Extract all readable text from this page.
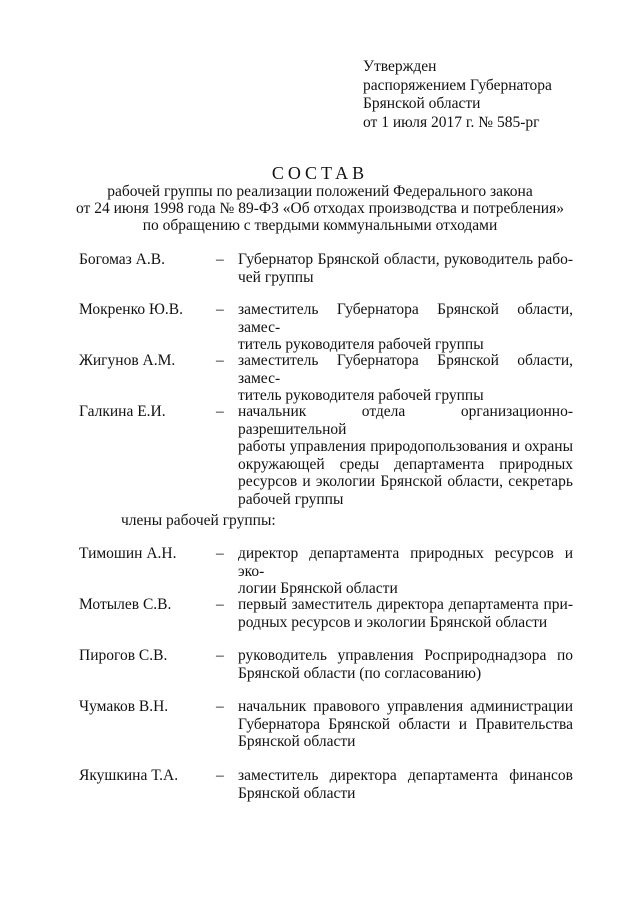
Утвержден
распоряжением Губернатора
Брянской области
от 1 июля 2017 г. № 585-рг
СОСТАВ
рабочей группы по реализации положений Федерального закона
от 24 июня 1998 года № 89-ФЗ «Об отходах производства и потребления»
по обращению с твердыми коммунальными отходами
Богомаз А.В.	– Губернатор Брянской области, руководитель рабо-
чей группы
Мокренко Ю.В. – заместитель Губернатора Брянской области, замес-
титель руководителя рабочей группы
Жигунов А.М.	– заместитель Губернатора Брянской области, замес-
титель руководителя рабочей группы
Галкина Е.И.	– начальник отдела организационно-разрешительной
работы управления природопользования и охраны
окружающей среды департамента природных
ресурсов и экологии Брянской области, секретарь
рабочей группы
члены рабочей группы:
Тимошин А.Н.	– директор департамента природных ресурсов и эко-
логии Брянской области
Мотылев С.В.	– первый заместитель директора департамента при-
родных ресурсов и экологии Брянской области
Пирогов С.В.	– руководитель управления Росприроднадзора по
Брянской области (по согласованию)
Чумаков В.Н.	– начальник правового управления администрации
Губернатора Брянской области и Правительства
Брянской области
Якушкина Т.А. – заместитель директора департамента финансов
Брянской области
